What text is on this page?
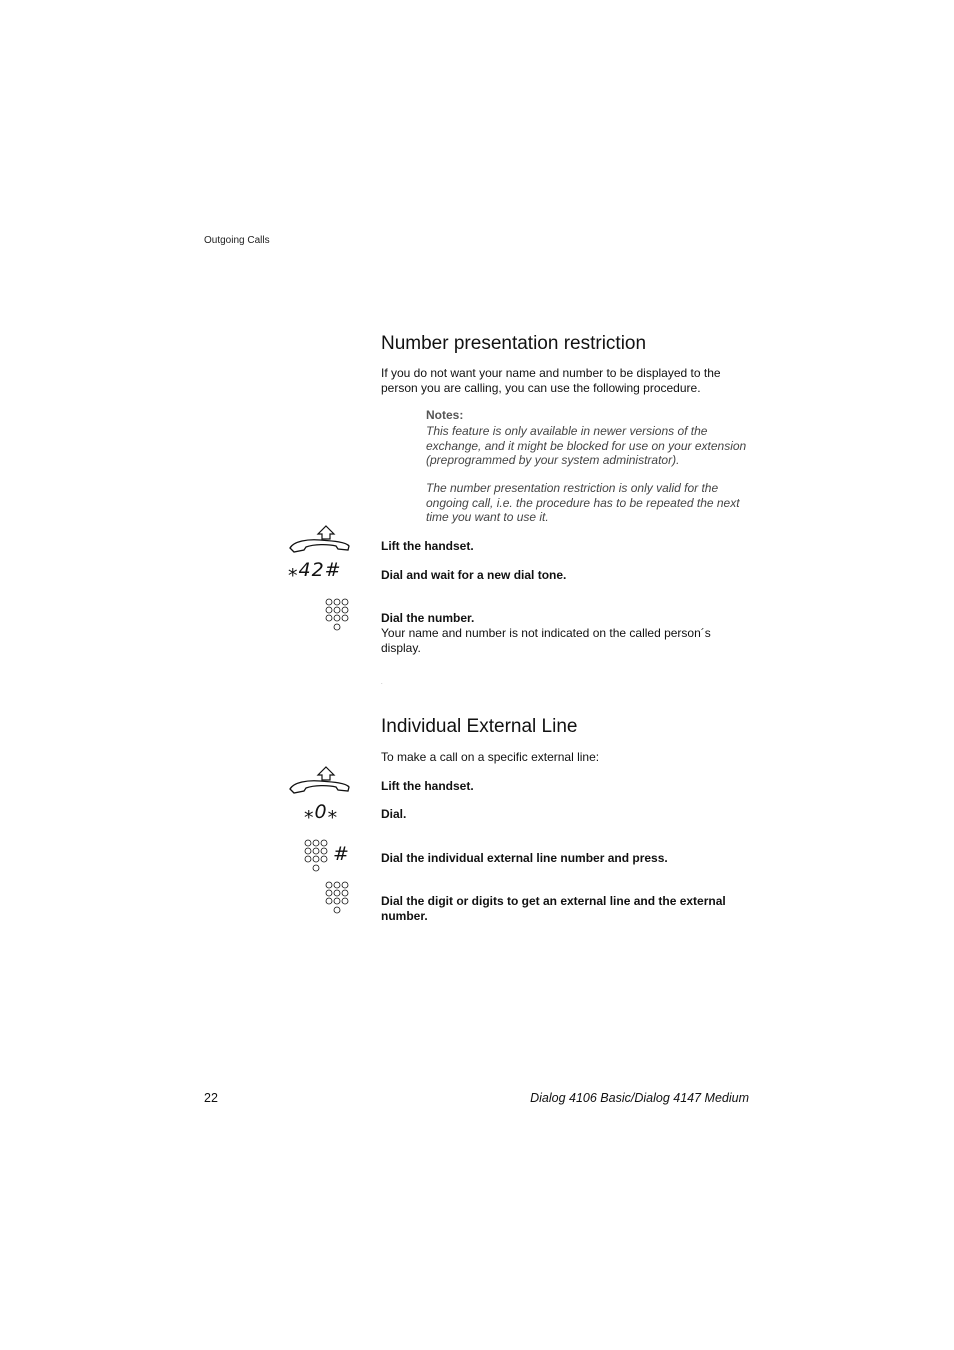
Outgoing Calls
Number presentation restriction
If you do not want your name and number to be displayed to the person you are calling, you can use the following procedure.
Notes:
This feature is only available in newer versions of the exchange, and it might be blocked for use on your extension (preprogrammed by your system administrator).
The number presentation restriction is only valid for the ongoing call, i.e. the procedure has to be repeated the next time you want to use it.
Lift the handset.
⁎42#	Dial and wait for a new dial tone.
Dial the number.
Your name and number is not indicated on the called person´s display.
.
Individual External Line
To make a call on a specific external line:
Lift the handset.
⁎0⁎	Dial.
#	Dial the individual external line number and press.
Dial the digit or digits to get an external line and the external number.
22	Dialog 4106 Basic/Dialog 4147 Medium
